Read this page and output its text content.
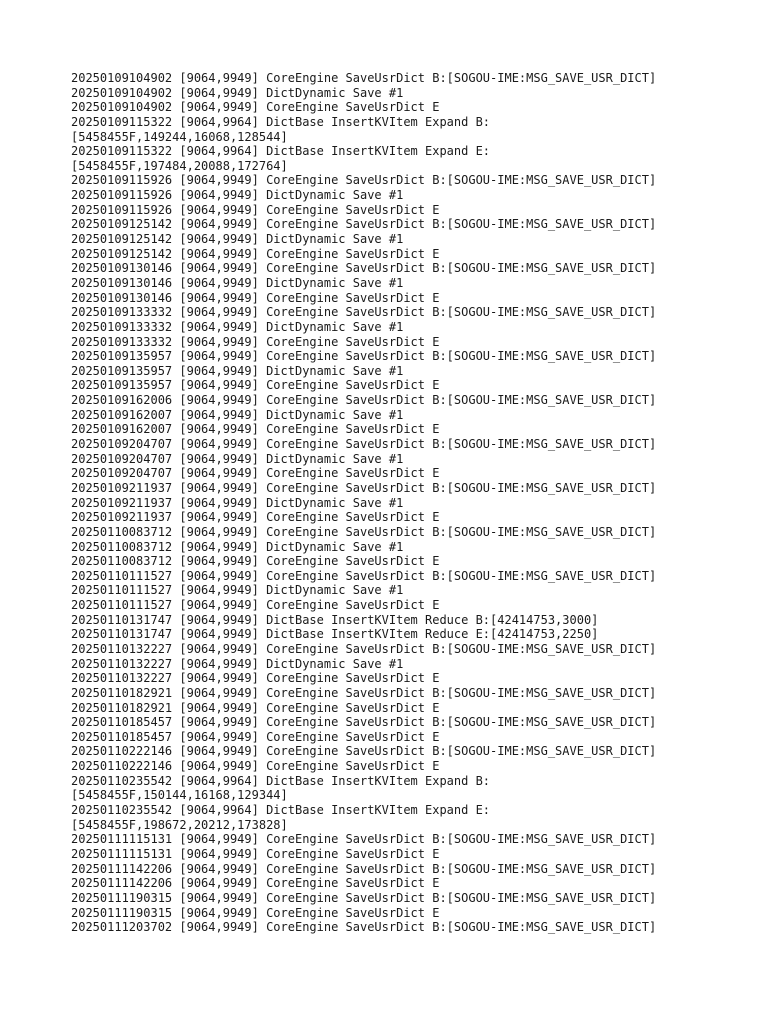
20250109104902 [9064,9949] CoreEngine SaveUsrDict B:[SOGOU-IME:MSG_SAVE_USR_DICT]
20250109104902 [9064,9949] DictDynamic Save #1
20250109104902 [9064,9949] CoreEngine SaveUsrDict E
20250109115322 [9064,9964] DictBase InsertKVItem Expand B:
[5458455F,149244,16068,128544]
20250109115322 [9064,9964] DictBase InsertKVItem Expand E:
[5458455F,197484,20088,172764]
20250109115926 [9064,9949] CoreEngine SaveUsrDict B:[SOGOU-IME:MSG_SAVE_USR_DICT]
20250109115926 [9064,9949] DictDynamic Save #1
20250109115926 [9064,9949] CoreEngine SaveUsrDict E
20250109125142 [9064,9949] CoreEngine SaveUsrDict B:[SOGOU-IME:MSG_SAVE_USR_DICT]
20250109125142 [9064,9949] DictDynamic Save #1
20250109125142 [9064,9949] CoreEngine SaveUsrDict E
20250109130146 [9064,9949] CoreEngine SaveUsrDict B:[SOGOU-IME:MSG_SAVE_USR_DICT]
20250109130146 [9064,9949] DictDynamic Save #1
20250109130146 [9064,9949] CoreEngine SaveUsrDict E
20250109133332 [9064,9949] CoreEngine SaveUsrDict B:[SOGOU-IME:MSG_SAVE_USR_DICT]
20250109133332 [9064,9949] DictDynamic Save #1
20250109133332 [9064,9949] CoreEngine SaveUsrDict E
20250109135957 [9064,9949] CoreEngine SaveUsrDict B:[SOGOU-IME:MSG_SAVE_USR_DICT]
20250109135957 [9064,9949] DictDynamic Save #1
20250109135957 [9064,9949] CoreEngine SaveUsrDict E
20250109162006 [9064,9949] CoreEngine SaveUsrDict B:[SOGOU-IME:MSG_SAVE_USR_DICT]
20250109162007 [9064,9949] DictDynamic Save #1
20250109162007 [9064,9949] CoreEngine SaveUsrDict E
20250109204707 [9064,9949] CoreEngine SaveUsrDict B:[SOGOU-IME:MSG_SAVE_USR_DICT]
20250109204707 [9064,9949] DictDynamic Save #1
20250109204707 [9064,9949] CoreEngine SaveUsrDict E
20250109211937 [9064,9949] CoreEngine SaveUsrDict B:[SOGOU-IME:MSG_SAVE_USR_DICT]
20250109211937 [9064,9949] DictDynamic Save #1
20250109211937 [9064,9949] CoreEngine SaveUsrDict E
20250110083712 [9064,9949] CoreEngine SaveUsrDict B:[SOGOU-IME:MSG_SAVE_USR_DICT]
20250110083712 [9064,9949] DictDynamic Save #1
20250110083712 [9064,9949] CoreEngine SaveUsrDict E
20250110111527 [9064,9949] CoreEngine SaveUsrDict B:[SOGOU-IME:MSG_SAVE_USR_DICT]
20250110111527 [9064,9949] DictDynamic Save #1
20250110111527 [9064,9949] CoreEngine SaveUsrDict E
20250110131747 [9064,9949] DictBase InsertKVItem Reduce B:[42414753,3000]
20250110131747 [9064,9949] DictBase InsertKVItem Reduce E:[42414753,2250]
20250110132227 [9064,9949] CoreEngine SaveUsrDict B:[SOGOU-IME:MSG_SAVE_USR_DICT]
20250110132227 [9064,9949] DictDynamic Save #1
20250110132227 [9064,9949] CoreEngine SaveUsrDict E
20250110182921 [9064,9949] CoreEngine SaveUsrDict B:[SOGOU-IME:MSG_SAVE_USR_DICT]
20250110182921 [9064,9949] CoreEngine SaveUsrDict E
20250110185457 [9064,9949] CoreEngine SaveUsrDict B:[SOGOU-IME:MSG_SAVE_USR_DICT]
20250110185457 [9064,9949] CoreEngine SaveUsrDict E
20250110222146 [9064,9949] CoreEngine SaveUsrDict B:[SOGOU-IME:MSG_SAVE_USR_DICT]
20250110222146 [9064,9949] CoreEngine SaveUsrDict E
20250110235542 [9064,9964] DictBase InsertKVItem Expand B:
[5458455F,150144,16168,129344]
20250110235542 [9064,9964] DictBase InsertKVItem Expand E:
[5458455F,198672,20212,173828]
20250111115131 [9064,9949] CoreEngine SaveUsrDict B:[SOGOU-IME:MSG_SAVE_USR_DICT]
20250111115131 [9064,9949] CoreEngine SaveUsrDict E
20250111142206 [9064,9949] CoreEngine SaveUsrDict B:[SOGOU-IME:MSG_SAVE_USR_DICT]
20250111142206 [9064,9949] CoreEngine SaveUsrDict E
20250111190315 [9064,9949] CoreEngine SaveUsrDict B:[SOGOU-IME:MSG_SAVE_USR_DICT]
20250111190315 [9064,9949] CoreEngine SaveUsrDict E
20250111203702 [9064,9949] CoreEngine SaveUsrDict B:[SOGOU-IME:MSG_SAVE_USR_DICT]
